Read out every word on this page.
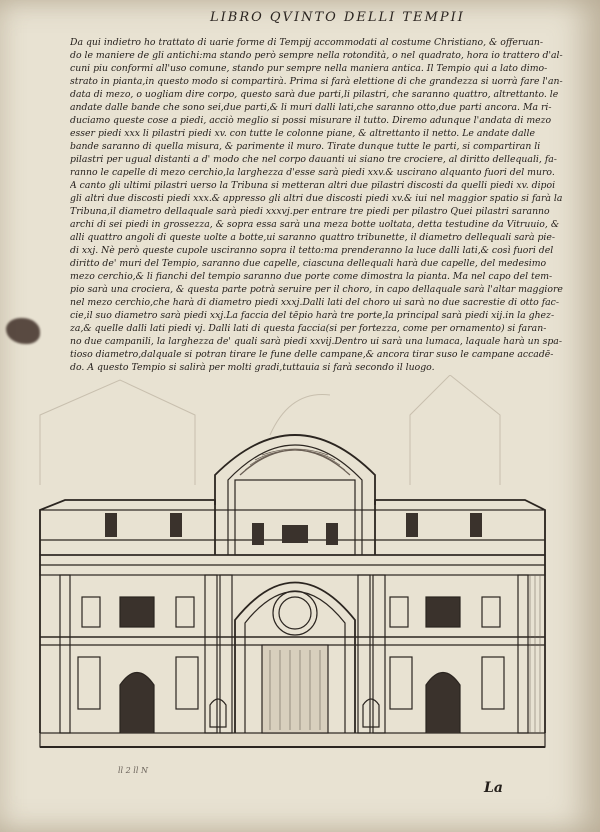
LIBRO QVINTO DELLI TEMPII
Da qui indietro ho trattato di uarie forme di Tempij accommodati al costume Christiano, & offeruan-
do le maniere de gli antichi:ma stando però sempre nella rotondità, o nel quadrato, hora io trattero d'al-
cuni piu conformi all'uso comune, stando pur sempre nella maniera antica. Il Tempio qui a lato dimo-
strato in pianta,in questo modo si compartirà. Prima si farà elettione di che grandezza si uorrà fare l'an-
data di mezo, o uogliam dire corpo, questo sarà due parti,li pilastri, che saranno quattro, altrettanto. le
andate dalle bande che sono sei,due parti,& li muri dalli lati,che saranno otto,due parti ancora. Ma ri-
duciamo queste cose a piedi, acciò meglio si possi misurare il tutto. Diremo adunque l'andata di mezo
esser piedi xxx li pilastri piedi xv. con tutte le colonne piane, & altrettanto il netto. Le andate dalle
bande saranno di quella misura, & parimente il muro. Tirate dunque tutte le parti, si compartiran li
pilastri per ugual distanti a d' modo che nel corpo dauanti ui siano tre crociere, al diritto dellequali, fa-
ranno le capelle di mezo cerchio,la larghezza d'esse sarà piedi xxv.& uscirano alquanto fuori del muro.
A canto gli ultimi pilastri uerso la Tribuna si metteran altri due pilastri discosti da quelli piedi xv. dipoi
gli altri due discosti piedi xxx.& appresso gli altri due discosti piedi xv.& iui nel maggior spatio si farà la
Tribuna,il diametro dellaquale sarà piedi xxxvj.per entrare tre piedi per pilastro Quei pilastri saranno
archi di sei piedi in grossezza, & sopra essa sarà una meza botte uoltata, detta testudine da Vitruuio, &
alli quattro angoli di queste uolte a botte,ui saranno quattro tribunette, il diametro dellequali sarà pie-
di xxj. Nè però queste cupole usciranno sopra il tetto:ma prenderanno la luce dalli lati,& così fuori del
diritto de' muri del Tempio, saranno due capelle, ciascuna dellequali harà due capelle, del medesimo
mezo cerchio,& li fianchi del tempio saranno due porte come dimostra la pianta. Ma nel capo del tem-
pio sarà una crociera, & questa parte potrà seruire per il choro, in capo dellaquale sarà l'altar maggiore
nel mezo cerchio,che harà di diametro piedi xxxj.Dalli lati del choro ui sarà no due sacrestie di otto fac-
cie,il suo diametro sarà piedi xxj.La faccia del tēpio harà tre porte,la principal sarà piedi xij.in la ghez-
za,& quelle dalli lati piedi vj. Dalli lati di questa faccia(si per fortezza, come per ornamento) si faran-
no due campanili, la larghezza de' quali sarà piedi xxvij.Dentro ui sarà una lumaca, laquale harà un spa-
tioso diametro,dalquale si potran tirare le fune delle campane,& ancora tirar suso le campane accadē-
do. A questo Tempio si salirà per molti gradi,tuttauia si farà secondo il luogo.
ll 2 ll N
La
